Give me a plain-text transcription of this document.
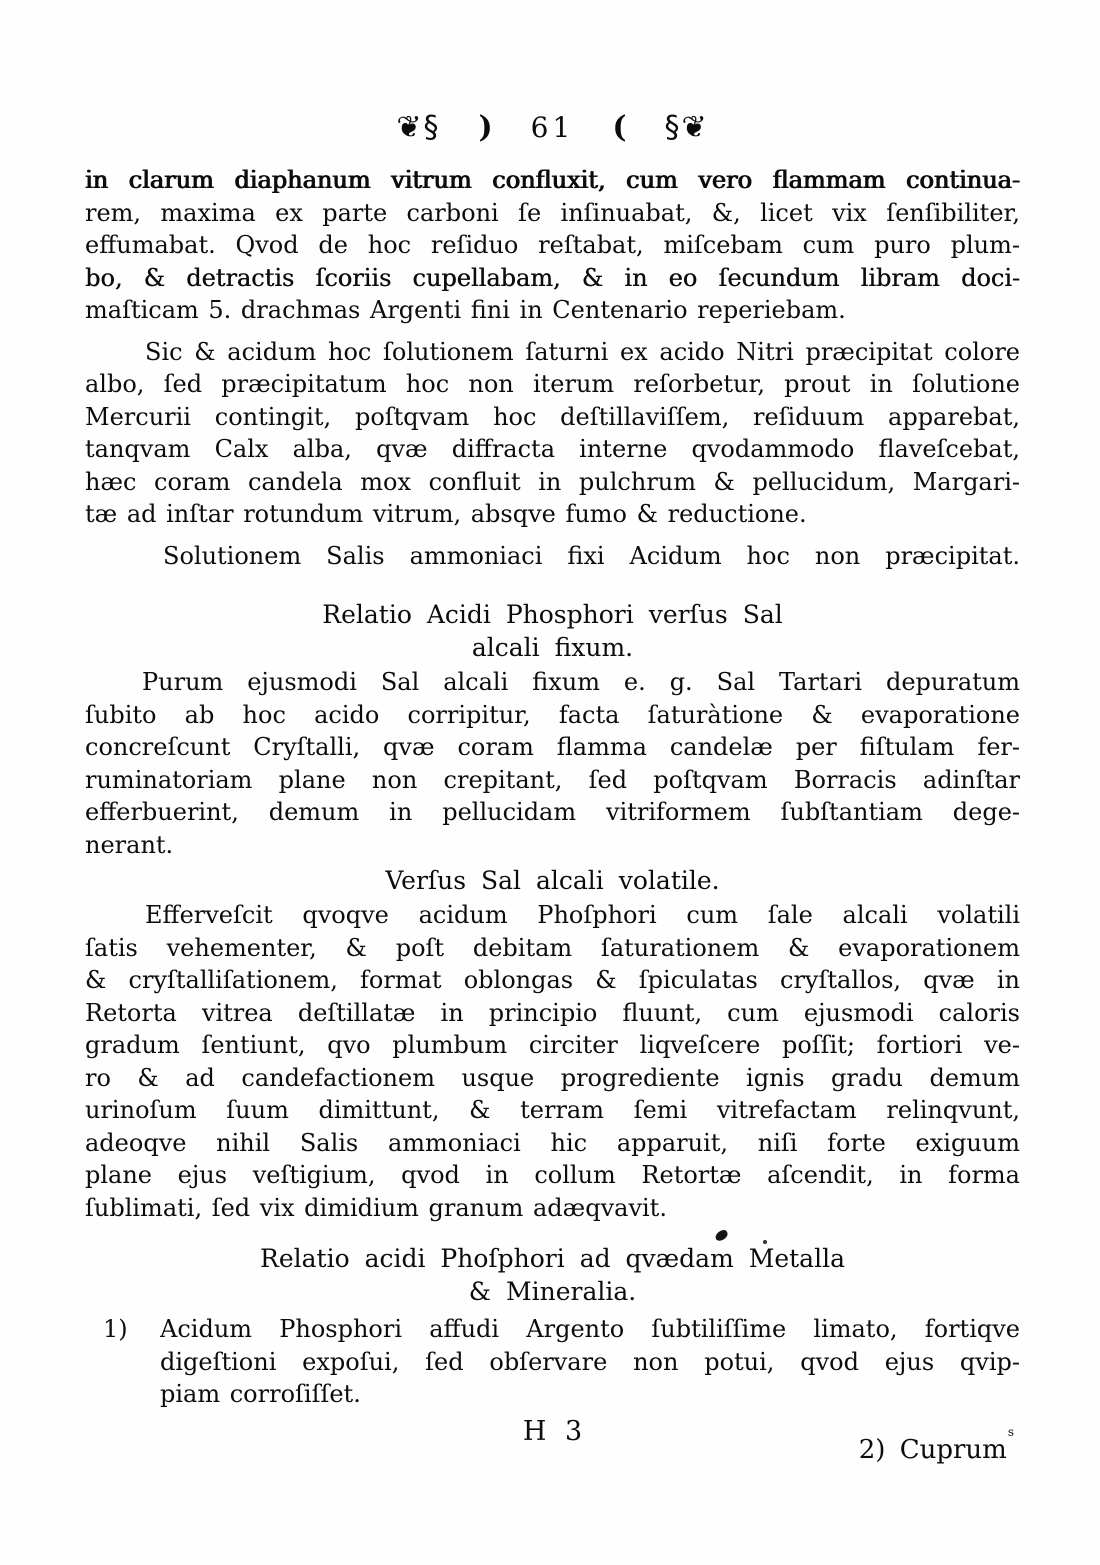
❦§ ) 61 ( §❦
in clarum diaphanum vitrum confluxit, cum vero flammam continua-
rem, maxima ex parte carboni ſe inſinuabat, &, licet vix ſenſibiliter,
effumabat. Qvod de hoc reſiduo reſtabat, miſcebam cum puro plum-
bo, & detractis ſcoriis cupellabam, & in eo ſecundum libram doci-
maſticam 5. drachmas Argenti fini in Centenario reperiebam.
Sic & acidum hoc ſolutionem ſaturni ex acido Nitri præcipitat colore
albo, ſed præcipitatum hoc non iterum reſorbetur, prout in ſolutione
Mercurii contingit, poſtqvam hoc deſtillaviſſem, reſiduum apparebat,
tanqvam Calx alba, qvæ diffracta interne qvodammodo flaveſcebat,
hæc coram candela mox confluit in pulchrum & pellucidum, Margari-
tæ ad inſtar rotundum vitrum, absqve fumo & reductione.
Solutionem Salis ammoniaci fixi Acidum hoc non præcipitat.
Relatio Acidi Phosphori verſus Sal
alcali fixum.
Purum ejusmodi Sal alcali fixum e. g. Sal Tartari depuratum
ſubito ab hoc acido corripitur, facta ſaturàtione & evaporatione
concreſcunt Cryſtalli, qvæ coram flamma candelæ per fiſtulam fer-
ruminatoriam plane non crepitant, ſed poſtqvam Borracis adinſtar
efferbuerint, demum in pellucidam vitriformem ſubſtantiam dege-
nerant.
Verſus Sal alcali volatile.
Efferveſcit qvoqve acidum Phoſphori cum ſale alcali volatili
ſatis vehementer, & poſt debitam ſaturationem & evaporationem
& cryſtalliſationem, format oblongas & ſpiculatas cryſtallos, qvæ in
Retorta vitrea deſtillatæ in principio fluunt, cum ejusmodi caloris
gradum ſentiunt, qvo plumbum circiter liqveſcere poſſit; fortiori ve-
ro & ad candefactionem usque progrediente ignis gradu demum
urinoſum ſuum dimittunt, & terram ſemi vitrefactam relinqvunt,
adeoqve nihil Salis ammoniaci hic apparuit, niſi forte exiguum
plane ejus veſtigium, qvod in collum Retortæ aſcendit, in forma
ſublimati, ſed vix dimidium granum adæqvavit.
Relatio acidi Phoſphori ad qvædam Metalla
& Mineralia.
1)	Acidum Phosphori affudi Argento ſubtiliſſime limato, fortiqve
digeſtioni expoſui, ſed obſervare non potui, qvod ejus qvip-
piam corroſiſſet.
H 3
2) Cuprum$^s$
